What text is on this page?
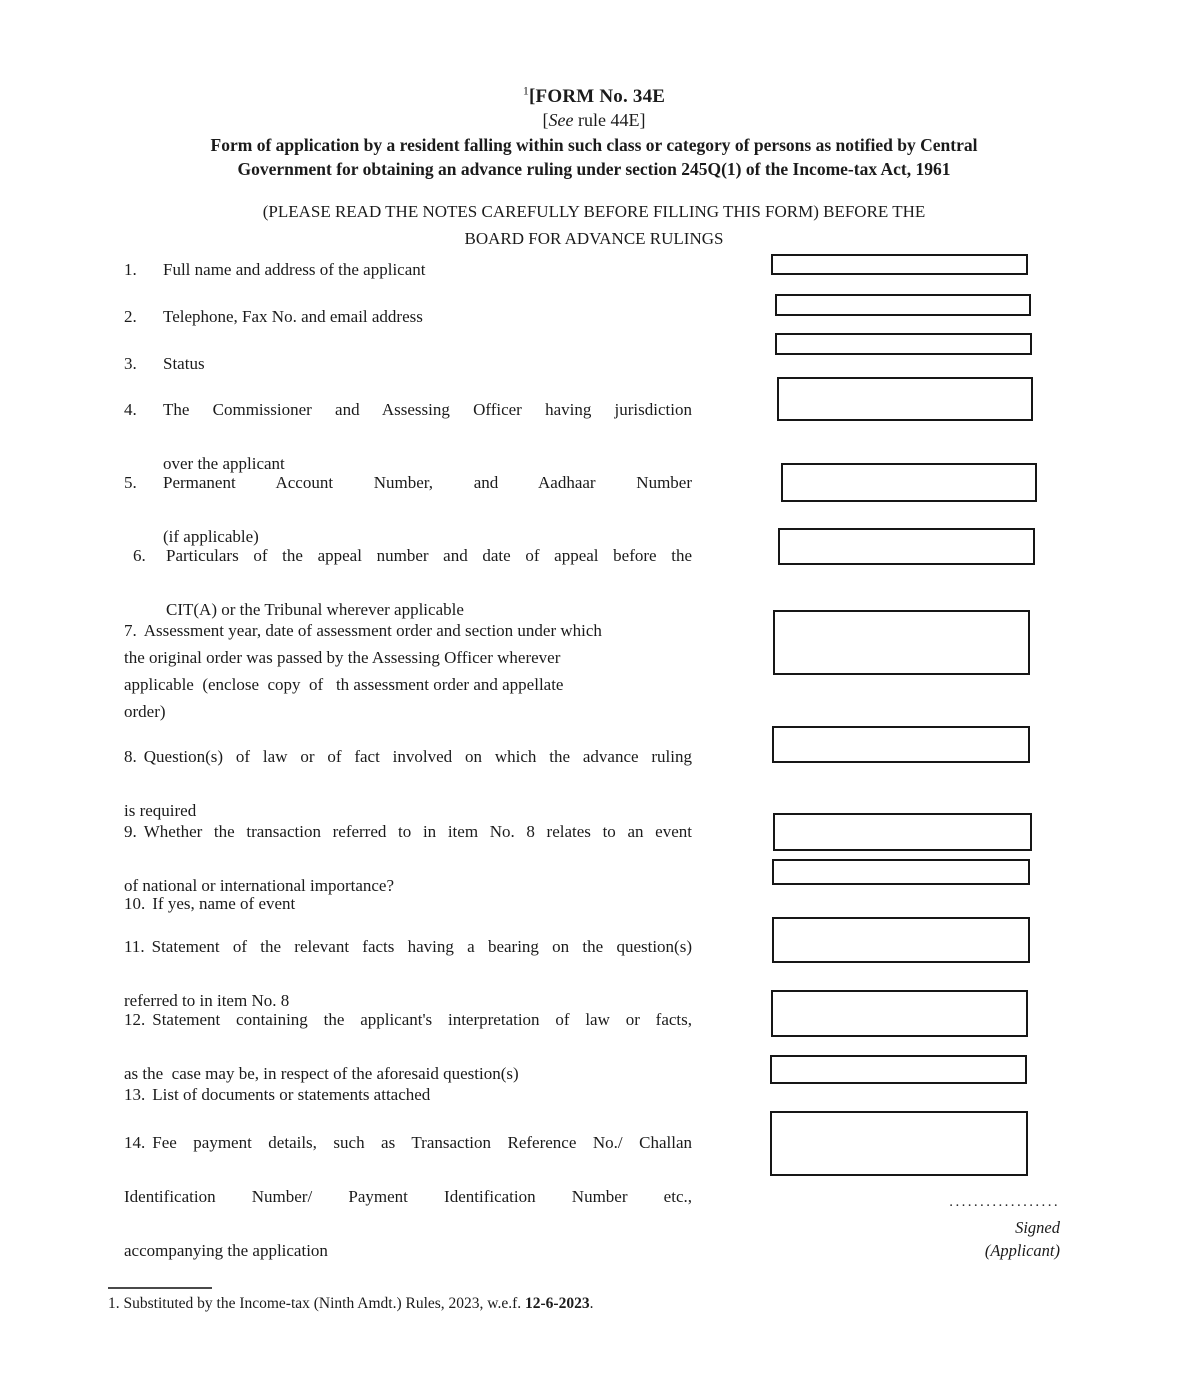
$^1$[FORM No. 34E
[See rule 44E]
Form of application by a resident falling within such class or category of persons as notified by Central
Government for obtaining an advance ruling under section 245Q(1) of the Income-tax Act, 1961
(PLEASE READ THE NOTES CAREFULLY BEFORE FILLING THIS FORM) BEFORE THE
BOARD FOR ADVANCE RULINGS
1. Full name and address of the applicant
2. Telephone, Fax No. and email address
3. Status
4. The Commissioner and Assessing Officer having jurisdiction
over the applicant
5. Permanent Account Number, and Aadhaar Number
(if applicable)
6. Particulars of the appeal number and date of appeal before the
CIT(A) or the Tribunal wherever applicable
7. Assessment year, date of assessment order and section under which
the original order was passed by the Assessing Officer wherever
applicable  (enclose  copy  of   th assessment order and appellate
order)
8. Question(s) of law or of fact involved on which the advance ruling
is required
9. Whether the transaction referred to in item No. 8 relates to an event
of national or international importance?
10. If yes, name of event
11. Statement of the relevant facts having a bearing on the question(s)
referred to in item No. 8
12. Statement containing the applicant's interpretation of law or facts,
as the  case may be, in respect of the aforesaid question(s)
13. List of documents or statements attached
14. Fee payment details, such as Transaction Reference No./ Challan
Identification Number/ Payment Identification Number etc.,
accompanying the application
..................
Signed
(Applicant)
1. Substituted by the Income-tax (Ninth Amdt.) Rules, 2023, w.e.f. 12-6-2023.
